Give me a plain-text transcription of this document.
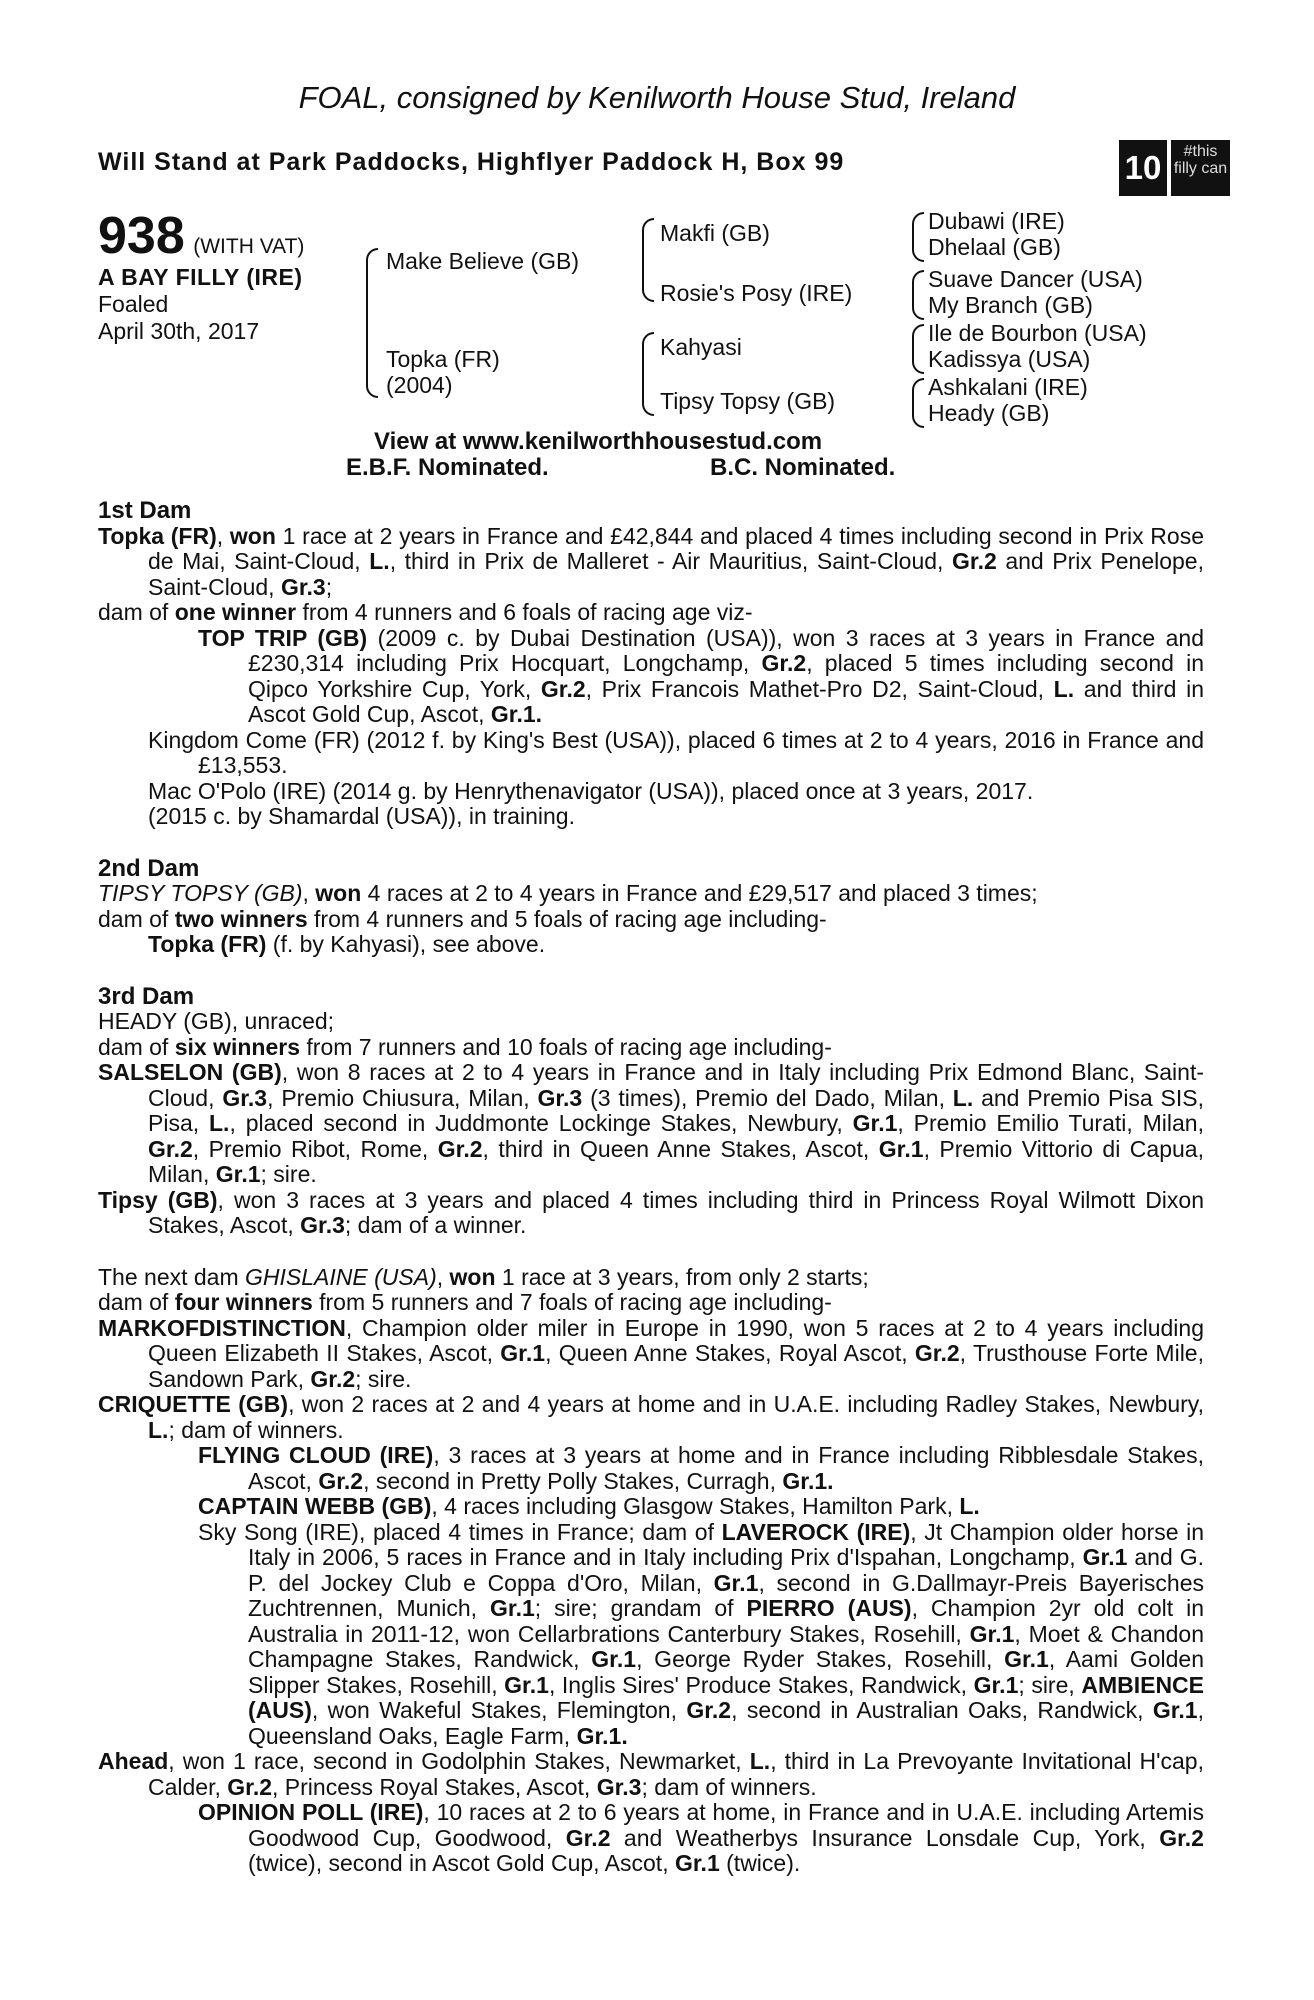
FOAL, consigned by Kenilworth House Stud, Ireland
Will Stand at Park Paddocks, Highflyer Paddock H, Box 99	10	#this filly can
938 (WITH VAT)
A BAY FILLY (IRE)
Foaled
April 30th, 2017
Make Believe (GB)
Topka (FR)
(2004)
Makfi (GB)
Rosie's Posy (IRE)
Kahyasi
Tipsy Topsy (GB)
Dubawi (IRE)
Dhelaal (GB)
Suave Dancer (USA)
My Branch (GB)
Ile de Bourbon (USA)
Kadissya (USA)
Ashkalani (IRE)
Heady (GB)
View at www.kenilworthhousestud.com
E.B.F. Nominated.	B.C. Nominated.

1st Dam

Topka (FR), won 1 race at 2 years in France and £42,844 and placed 4 times including second in Prix Rose de Mai, Saint-Cloud, L., third in Prix de Malleret - Air Mauritius, Saint-Cloud, Gr.2 and Prix Penelope, Saint-Cloud, Gr.3;

dam of one winner from 4 runners and 6 foals of racing age viz-

TOP TRIP (GB) (2009 c. by Dubai Destination (USA)), won 3 races at 3 years in France and £230,314 including Prix Hocquart, Longchamp, Gr.2, placed 5 times including second in Qipco Yorkshire Cup, York, Gr.2, Prix Francois Mathet-Pro D2, Saint-Cloud, L. and third in Ascot Gold Cup, Ascot, Gr.1.

Kingdom Come (FR) (2012 f. by King's Best (USA)), placed 6 times at 2 to 4 years, 2016 in France and £13,553.

Mac O'Polo (IRE) (2014 g. by Henrythenavigator (USA)), placed once at 3 years, 2017.

(2015 c. by Shamardal (USA)), in training.

2nd Dam

TIPSY TOPSY (GB), won 4 races at 2 to 4 years in France and £29,517 and placed 3 times;

dam of two winners from 4 runners and 5 foals of racing age including-

Topka (FR) (f. by Kahyasi), see above.

3rd Dam

HEADY (GB), unraced;

dam of six winners from 7 runners and 10 foals of racing age including-

SALSELON (GB), won 8 races at 2 to 4 years in France and in Italy including Prix Edmond Blanc, Saint-Cloud, Gr.3, Premio Chiusura, Milan, Gr.3 (3 times), Premio del Dado, Milan, L. and Premio Pisa SIS, Pisa, L., placed second in Juddmonte Lockinge Stakes, Newbury, Gr.1, Premio Emilio Turati, Milan, Gr.2, Premio Ribot, Rome, Gr.2, third in Queen Anne Stakes, Ascot, Gr.1, Premio Vittorio di Capua, Milan, Gr.1; sire.

Tipsy (GB), won 3 races at 3 years and placed 4 times including third in Princess Royal Wilmott Dixon Stakes, Ascot, Gr.3; dam of a winner.

The next dam GHISLAINE (USA), won 1 race at 3 years, from only 2 starts;

dam of four winners from 5 runners and 7 foals of racing age including-

MARKOFDISTINCTION, Champion older miler in Europe in 1990, won 5 races at 2 to 4 years including Queen Elizabeth II Stakes, Ascot, Gr.1, Queen Anne Stakes, Royal Ascot, Gr.2, Trusthouse Forte Mile, Sandown Park, Gr.2; sire.

CRIQUETTE (GB), won 2 races at 2 and 4 years at home and in U.A.E. including Radley Stakes, Newbury, L.; dam of winners.

FLYING CLOUD (IRE), 3 races at 3 years at home and in France including Ribblesdale Stakes, Ascot, Gr.2, second in Pretty Polly Stakes, Curragh, Gr.1.

CAPTAIN WEBB (GB), 4 races including Glasgow Stakes, Hamilton Park, L.

Sky Song (IRE), placed 4 times in France; dam of LAVEROCK (IRE), Jt Champion older horse in Italy in 2006, 5 races in France and in Italy including Prix d'Ispahan, Longchamp, Gr.1 and G. P. del Jockey Club e Coppa d'Oro, Milan, Gr.1, second in G.Dallmayr-Preis Bayerisches Zuchtrennen, Munich, Gr.1; sire; grandam of PIERRO (AUS), Champion 2yr old colt in Australia in 2011-12, won Cellarbrations Canterbury Stakes, Rosehill, Gr.1, Moet & Chandon Champagne Stakes, Randwick, Gr.1, George Ryder Stakes, Rosehill, Gr.1, Aami Golden Slipper Stakes, Rosehill, Gr.1, Inglis Sires' Produce Stakes, Randwick, Gr.1; sire, AMBIENCE (AUS), won Wakeful Stakes, Flemington, Gr.2, second in Australian Oaks, Randwick, Gr.1, Queensland Oaks, Eagle Farm, Gr.1.

Ahead, won 1 race, second in Godolphin Stakes, Newmarket, L., third in La Prevoyante Invitational H'cap, Calder, Gr.2, Princess Royal Stakes, Ascot, Gr.3; dam of winners.

OPINION POLL (IRE), 10 races at 2 to 6 years at home, in France and in U.A.E. including Artemis Goodwood Cup, Goodwood, Gr.2 and Weatherbys Insurance Lonsdale Cup, York, Gr.2 (twice), second in Ascot Gold Cup, Ascot, Gr.1 (twice).
